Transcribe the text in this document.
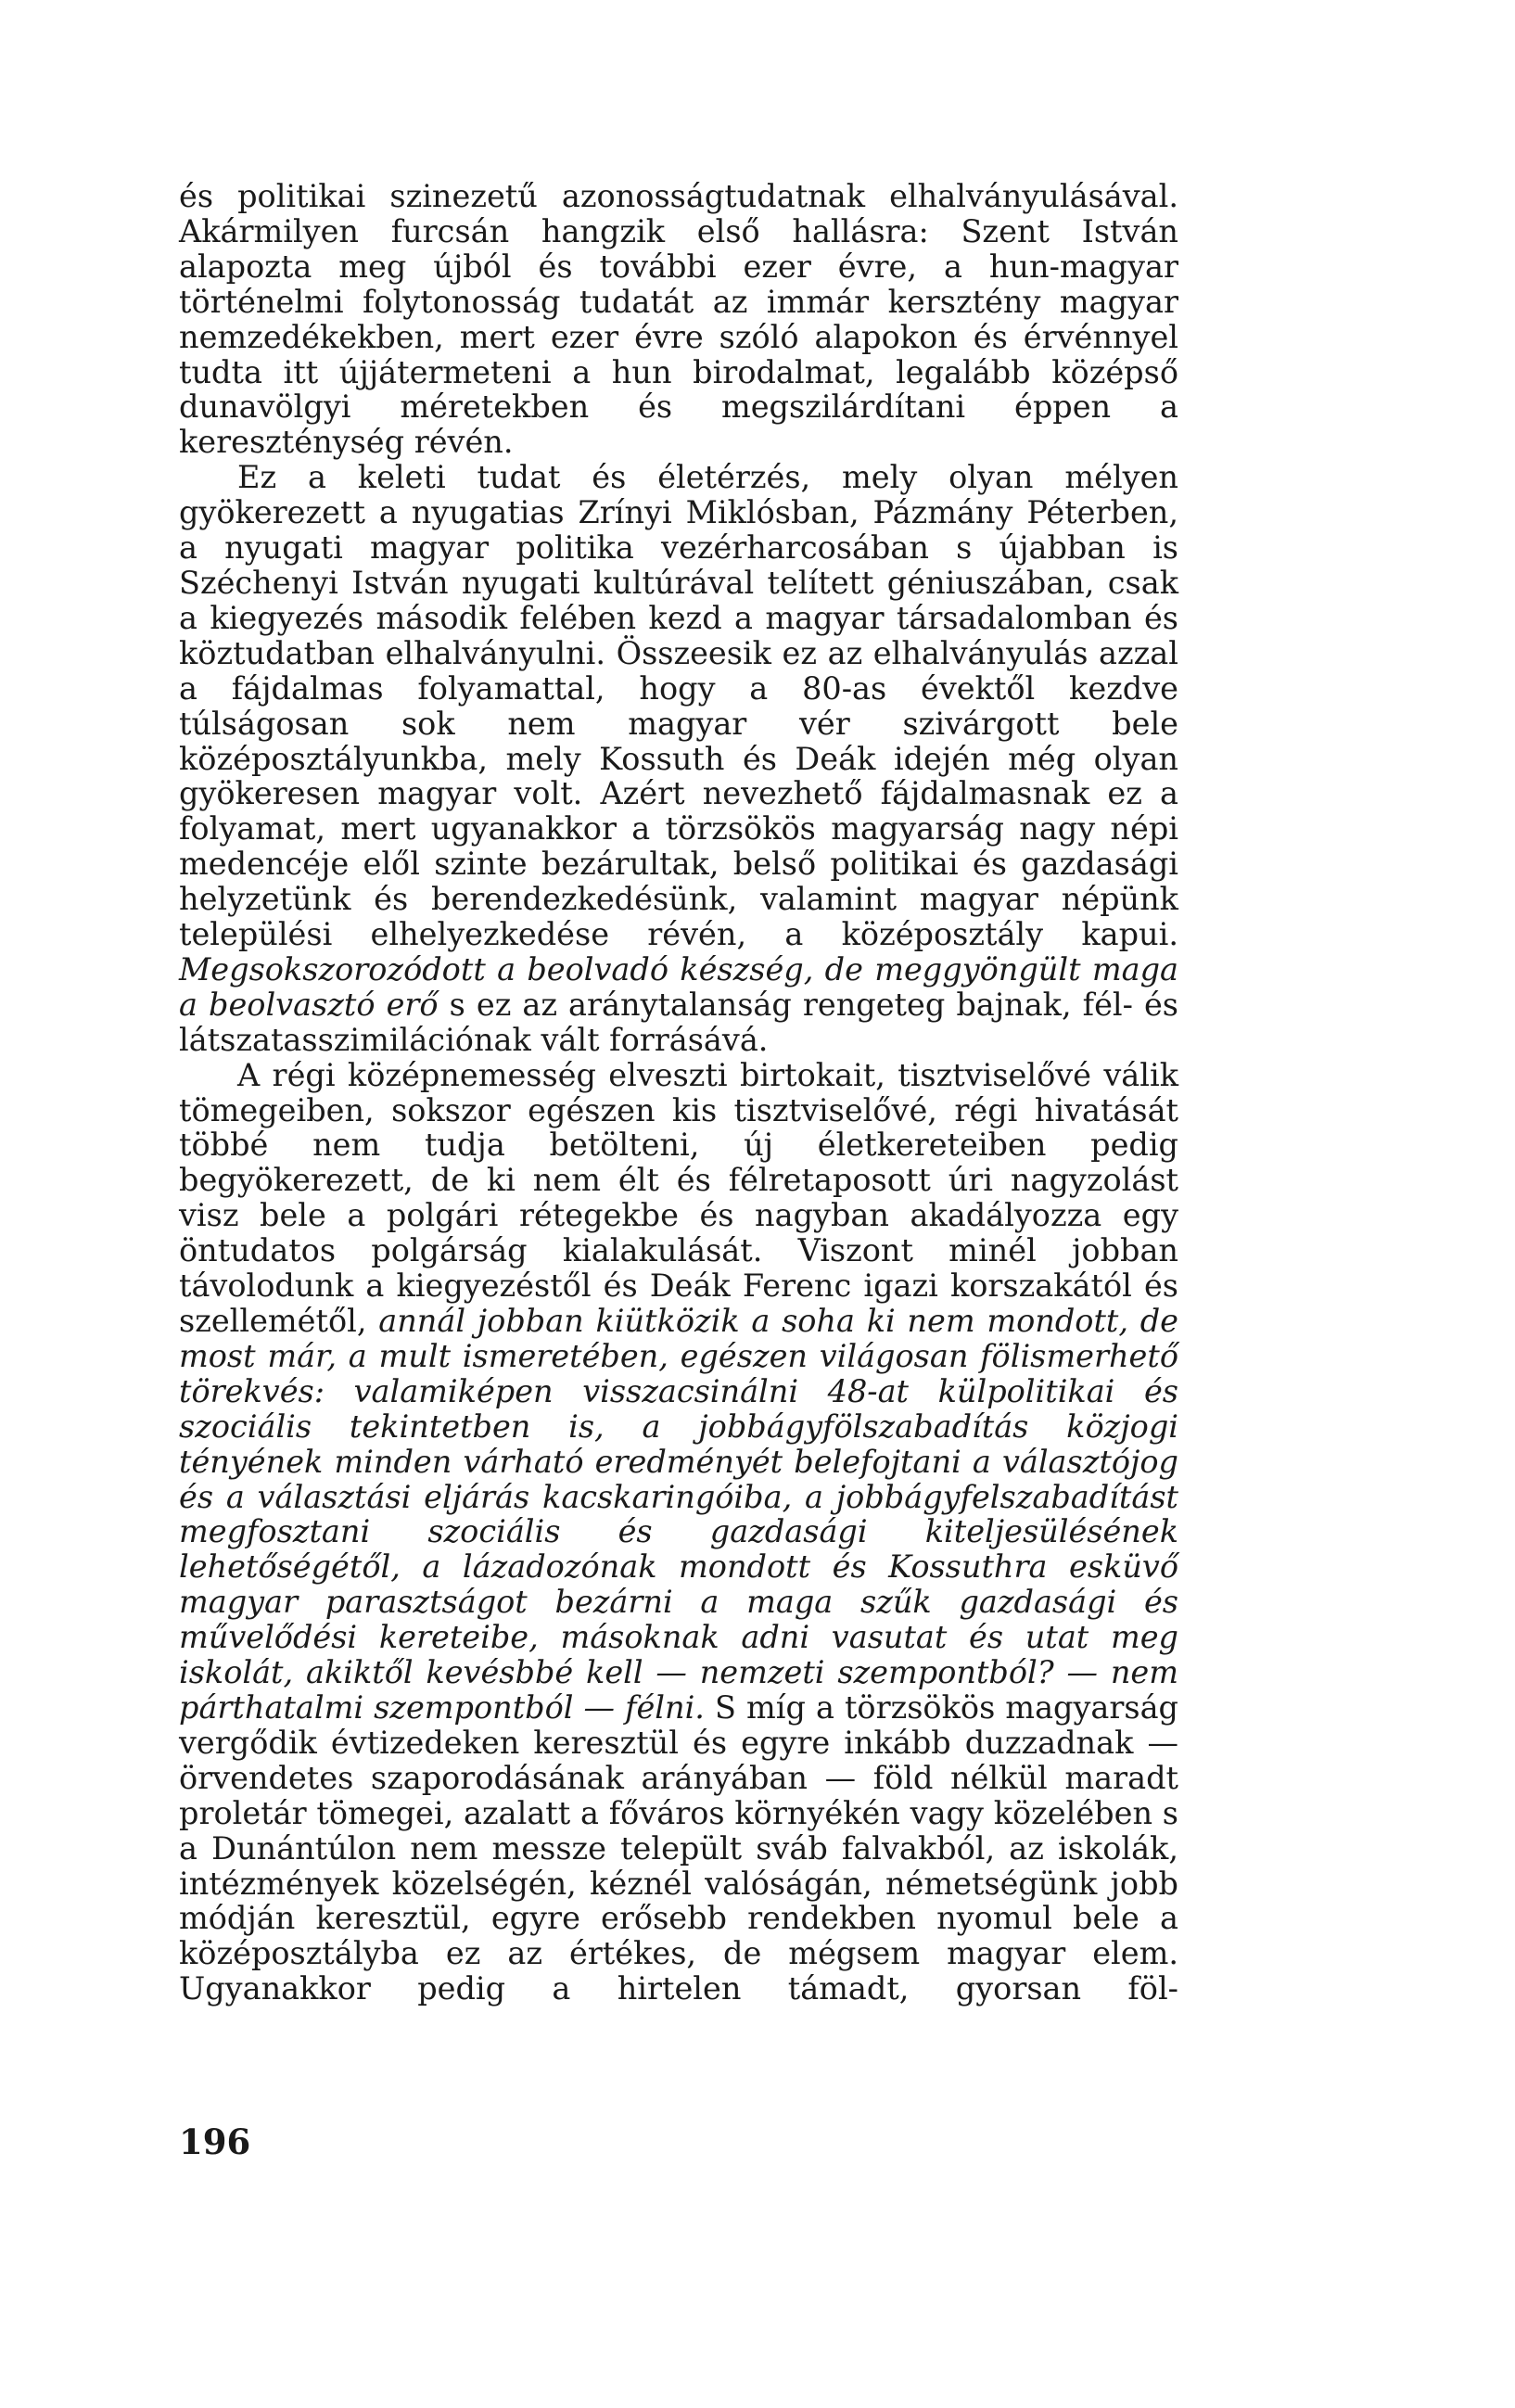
és politikai szinezetű azonosságtudatnak elhalványulásával. Akármilyen furcsán hangzik első hallásra: Szent István alapozta meg újból és további ezer évre, a hun-magyar történelmi folytonosság tudatát az immár kersztény magyar nemzedékekben, mert ezer évre szóló alapokon és érvénnyel tudta itt újjátermeteni a hun birodalmat, legalább középső dunavölgyi méretekben és megszilárdítani éppen a kereszténység révén.

Ez a keleti tudat és életérzés, mely olyan mélyen gyökerezett a nyugatias Zrínyi Miklósban, Pázmány Péterben, a nyugati magyar politika vezérharcosában s újabban is Széchenyi István nyugati kultúrával telített géniuszában, csak a kiegyezés második felében kezd a magyar társadalomban és köztudatban elhalványulni. Összeesik ez az elhalványulás azzal a fájdalmas folyamattal, hogy a 80-as évektől kezdve túlságosan sok nem magyar vér szivárgott bele középosztályunkba, mely Kossuth és Deák idején még olyan gyökeresen magyar volt. Azért nevezhető fájdalmasnak ez a folyamat, mert ugyanakkor a törzsökös magyarság nagy népi medencéje elől szinte bezárultak, belső politikai és gazdasági helyzetünk és berendezkedésünk, valamint magyar népünk települési elhelyezkedése révén, a középosztály kapui. Megsokszorozódott a beolvadó készség, de meggyöngült maga a beolvasztó erő s ez az aránytalanság rengeteg bajnak, fél- és látszatasszimilációnak vált forrásává.

A régi középnemesség elveszti birtokait, tisztviselővé válik tömegeiben, sokszor egészen kis tisztviselővé, régi hivatását többé nem tudja betölteni, új életkereteiben pedig begyökerezett, de ki nem élt és félretaposott úri nagyzolást visz bele a polgári rétegekbe és nagyban akadályozza egy öntudatos polgárság kialakulását. Viszont minél jobban távolodunk a kiegyezéstől és Deák Ferenc igazi korszakától és szellemétől, annál jobban kiütközik a soha ki nem mondott, de most már, a mult ismeretében, egészen világosan fölismerhető törekvés: valamiképen visszacsinálni 48-at külpolitikai és szociális tekintetben is, a jobbágyfölszabadítás közjogi tényének minden várható eredményét belefojtani a választójog és a választási eljárás kacskaringóiba, a jobbágyfelszabadítást megfosztani szociális és gazdasági kiteljesülésének lehetőségétől, a lázadozónak mondott és Kossuthra esküvő magyar parasztságot bezárni a maga szűk gazdasági és művelődési kereteibe, másoknak adni vasutat és utat meg iskolát, akiktől kevésbbé kell — nemzeti szempontból? — nem párthatalmi szempontból — félni. S míg a törzsökös magyarság vergődik évtizedeken keresztül és egyre inkább duzzadnak — örvendetes szaporodásának arányában — föld nélkül maradt proletár tömegei, azalatt a főváros környékén vagy közelében s a Dunántúlon nem messze települt sváb falvakból, az iskolák, intézmények közelségén, kéznél valóságán, németségünk jobb módján keresztül, egyre erősebb rendekben nyomul bele a középosztályba ez az értékes, de mégsem magyar elem. Ugyanakkor pedig a hirtelen támadt, gyorsan föl-

196
